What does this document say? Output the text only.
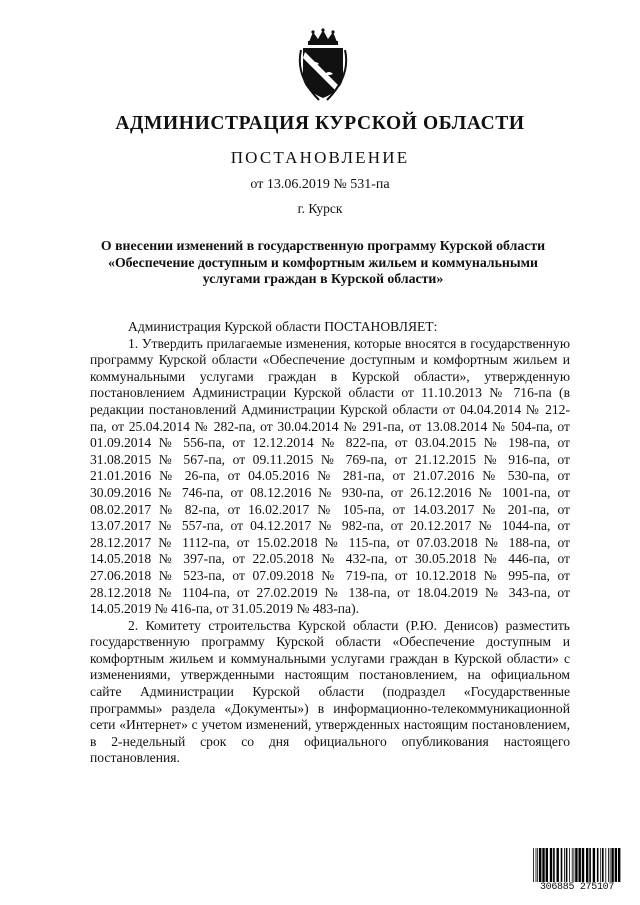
АДМИНИСТРАЦИЯ КУРСКОЙ ОБЛАСТИ
ПОСТАНОВЛЕНИЕ
от 13.06.2019 № 531-па
г. Курск
О внесении изменений в государственную программу Курской области
«Обеспечение доступным и комфортным жильем и коммунальными
услугами граждан в Курской области»

Администрация Курской области ПОСТАНОВЛЯЕТ:

1. Утвердить прилагаемые изменения, которые вносятся в государственную программу Курской области «Обеспечение доступным и комфортным жильем и коммунальными услугами граждан в Курской области», утвержденную постановлением Администрации Курской области от 11.10.2013 № 716-па (в редакции постановлений Администрации Курской области от 04.04.2014 № 212-па, от 25.04.2014 № 282-па, от 30.04.2014 № 291-па, от 13.08.2014 № 504-па, от 01.09.2014 № 556-па, от 12.12.2014 № 822-па, от 03.04.2015 № 198-па, от 31.08.2015 № 567-па, от 09.11.2015 № 769-па, от 21.12.2015 № 916-па, от 21.01.2016 № 26-па, от 04.05.2016 № 281-па, от 21.07.2016 № 530-па, от 30.09.2016 № 746-па, от 08.12.2016 № 930-па, от 26.12.2016 № 1001-па, от 08.02.2017 № 82-па, от 16.02.2017 № 105-па, от 14.03.2017 № 201-па, от 13.07.2017 № 557-па, от 04.12.2017 № 982-па, от 20.12.2017 № 1044-па, от 28.12.2017 № 1112-па, от 15.02.2018 № 115-па, от 07.03.2018 № 188-па, от 14.05.2018 № 397-па, от 22.05.2018 № 432-па, от 30.05.2018 № 446-па, от 27.06.2018 № 523-па, от 07.09.2018 № 719-па, от 10.12.2018 № 995-па, от 28.12.2018 № 1104-па, от 27.02.2019 № 138-па, от 18.04.2019 № 343-па, от 14.05.2019 № 416-па, от 31.05.2019 № 483-па).

2. Комитету строительства Курской области (Р.Ю. Денисов) разместить государственную программу Курской области «Обеспечение доступным и комфортным жильем и коммунальными услугами граждан в Курской области» с изменениями, утвержденными настоящим постановлением, на официальном сайте Администрации Курской области (подраздел «Государственные программы» раздела «Документы») в информационно-телекоммуникационной сети «Интернет» с учетом изменений, утвержденных настоящим постановлением, в 2-недельный срок со дня официального опубликования настоящего постановления.

306885 275107
